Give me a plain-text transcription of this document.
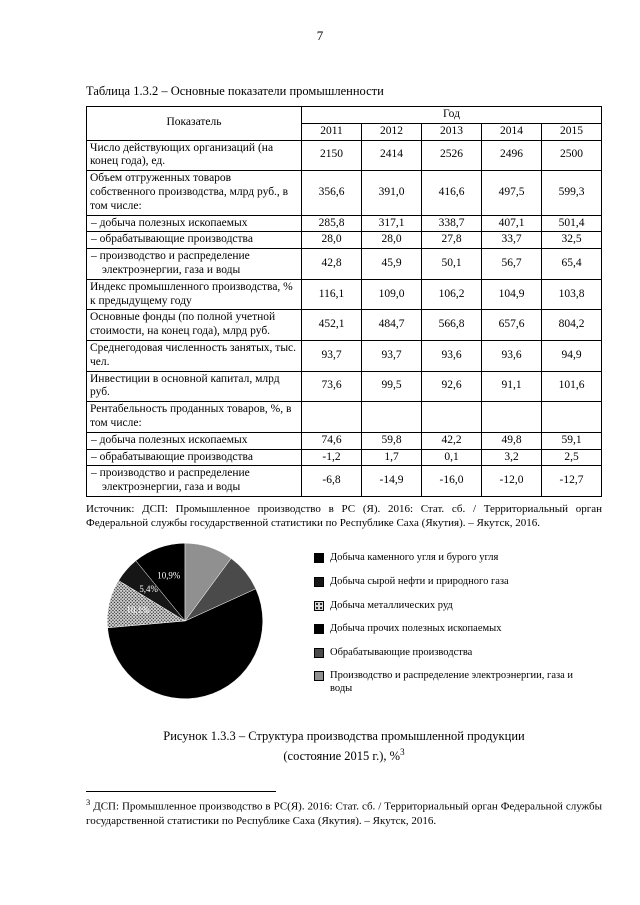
7

Таблица 1.3.2 – Основные показатели промышленности

Показатель	Год				
	2011	2012	2013	2014	2015
Число действующих организаций (на конец года), ед.	2150	2414	2526	2496	2500
Объем отгруженных товаров собственного производства, млрд руб., в том числе:	356,6	391,0	416,6	497,5	599,3
– добыча полезных ископаемых	285,8	317,1	338,7	407,1	501,4
– обрабатывающие производства	28,0	28,0	27,8	33,7	32,5
– производство и распределение электроэнергии, газа и воды	42,8	45,9	50,1	56,7	65,4
Индекс промышленного производства, % к предыдущему году	116,1	109,0	106,2	104,9	103,8
Основные фонды (по полной учетной стоимости, на конец года), млрд руб.	452,1	484,7	566,8	657,6	804,2
Среднегодовая численность занятых, тыс. чел.	93,7	93,7	93,6	93,6	94,9
Инвестиции в основной капитал, млрд руб.	73,6	99,5	92,6	91,1	101,6
Рентабельность проданных товаров, %, в том числе:					
– добыча полезных ископаемых	74,6	59,8	42,2	49,8	59,1
– обрабатывающие производства	-1,2	1,7	0,1	3,2	2,5
– производство и распределение электроэнергии, газа и воды	-6,8	-14,9	-16,0	-12,0	-12,7

Источник: ДСП: Промышленное производство в РС (Я). 2016: Стат. сб. / Территориальный орган Федеральной службы государственной статистики по Республике Саха (Якутия). – Якутск, 2016.

10,9%
5,4%
10,1%
Добыча каменного угля и бурого угля
Добыча сырой нефти и природного газа
Добыча металлических руд
Добыча прочих полезных ископаемых
Обрабатывающие производства
Производство и распределение электроэнергии, газа и воды

Рисунок 1.3.3 – Структура производства промышленной продукции
(состояние 2015 г.), %$^3$

$^3$ ДСП: Промышленное производство в РС(Я). 2016: Стат. сб. / Территориальный орган Федеральной службы государственной статистики по Республике Саха (Якутия). – Якутск, 2016.
